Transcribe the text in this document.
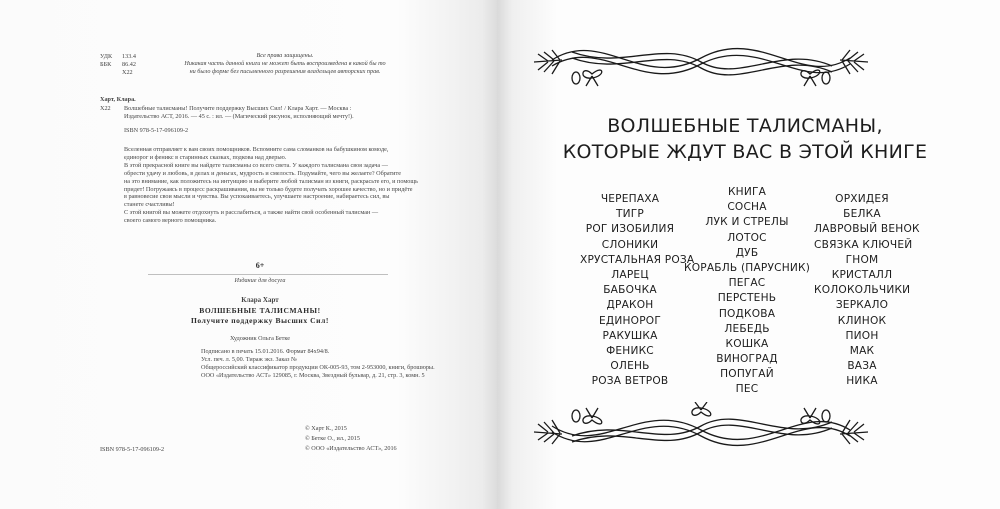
УДК	133.4
ББК	86.42
Х22
Все права защищены.
Никакая часть данной книги не может быть воспроизведена в какой бы то
ни было форме без письменного разрешения владельцев авторских прав.
Харт, Клара.
Х22 Волшебные талисманы! Получите поддержку Высших Сил! / Клара Харт. — Москва :
Издательство АСТ, 2016. — 45 с. : ил. — (Магический рисунок, исполняющий мечту!).
ISBN 978-5-17-096109-2
Вселенная отправляет к вам своих помощников. Вспомните сама сломанков на бабушкином комоде,
единорог и феникс в старинных сказках, подкова над дверью.
В этой прекрасной книге вы найдете талисманы со всего света. У каждого талисмана своя задача —
обрести удачу и любовь, в делах и деньгах, мудрость и смелость. Подумайте, чего вы желаете? Обратите
на это внимание, как положитесь на интуицию и выберите любой талисман из книги, раскрасьте его, и помощь
придет! Погружаясь в процесс раскрашивания, вы не только будете получать хорошее качество, но и придёте
в равновесие свои мысли и чувства. Вы успокаиваетесь, улучшаете настроение, набираетесь сил, вы
станете счастливы!
С этой книгой вы можете отдохнуть и расслабиться, а также найти свой особенный талисман —
своего самого верного помощника.
6+
Издание для досуга
Клара Харт
ВОЛШЕБНЫЕ ТАЛИСМАНЫ!
Получите поддержку Высших Сил!
Художник Ольга Бетке
Подписано в печать 15.01.2016. Формат 84х94/8.
Усл. печ. л. 5,00. Тираж экз. Заказ №
Общероссийский классификатор продукции ОК-005-93, том 2-953000, книги, брошюры.
ООО «Издательство АСТ» 129085, г. Москва, Звездный бульвар, д. 21, стр. 3, комн. 5
ISBN 978-5-17-096109-2

© Харт К., 2015

© Бетке О., ил., 2015

© ООО «Издательство АСТ», 2016

ВОЛШЕБНЫЕ ТАЛИСМАНЫ,
КОТОРЫЕ ЖДУТ ВАС В ЭТОЙ КНИГЕ
ЧЕРЕПАХА
ТИГР
РОГ ИЗОБИЛИЯ
СЛОНИКИ
ХРУСТАЛЬНАЯ РОЗА
ЛАРЕЦ
БАБОЧКА
ДРАКОН
ЕДИНОРОГ
РАКУШКА
ФЕНИКС
ОЛЕНЬ
РОЗА ВЕТРОВ
КНИГА
СОСНА
ЛУК И СТРЕЛЫ
ЛОТОС
ДУБ
КОРАБЛЬ (ПАРУСНИК)
ПЕГАС
ПЕРСТЕНЬ
ПОДКОВА
ЛЕБЕДЬ
КОШКА
ВИНОГРАД
ПОПУГАЙ
ПЕС
ОРХИДЕЯ
БЕЛКА
ЛАВРОВЫЙ ВЕНОК
СВЯЗКА КЛЮЧЕЙ
ГНОМ
КРИСТАЛЛ
КОЛОКОЛЬЧИКИ
ЗЕРКАЛО
КЛИНОК
ПИОН
МАК
ВАЗА
НИКА
